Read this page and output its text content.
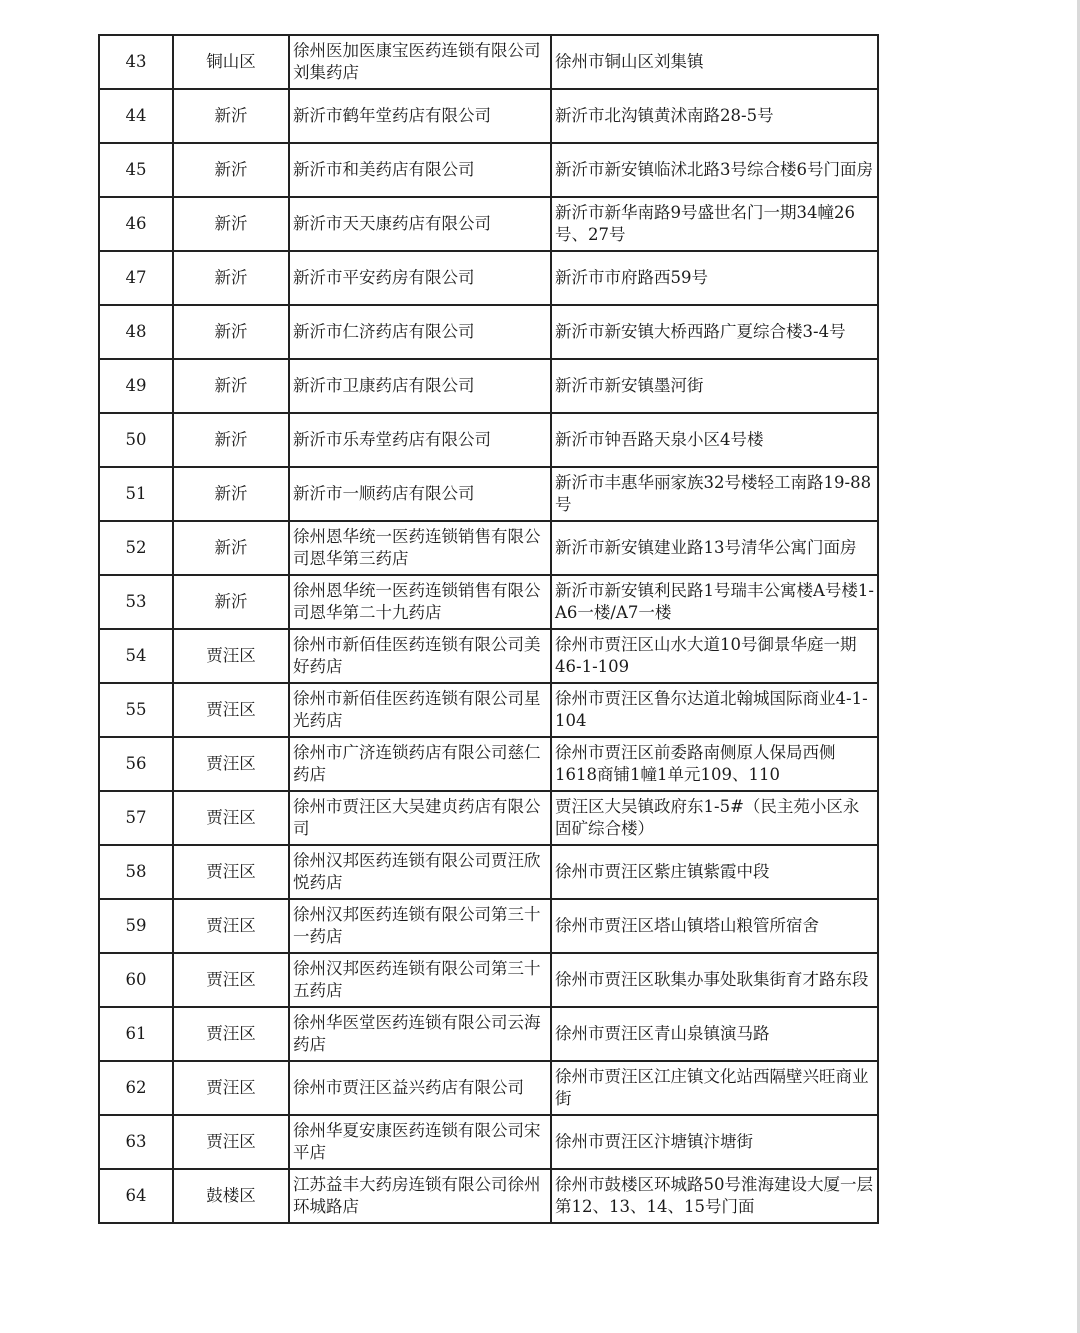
43	铜山区	徐州医加医康宝医药连锁有限公司刘集药店	徐州市铜山区刘集镇
44	新沂	新沂市鹤年堂药店有限公司	新沂市北沟镇黄沭南路28-5号
45	新沂	新沂市和美药店有限公司	新沂市新安镇临沭北路3号综合楼6号门面房
46	新沂	新沂市天天康药店有限公司	新沂市新华南路9号盛世名门一期34幢26号、27号
47	新沂	新沂市平安药房有限公司	新沂市市府路西59号
48	新沂	新沂市仁济药店有限公司	新沂市新安镇大桥西路广夏综合楼3-4号
49	新沂	新沂市卫康药店有限公司	新沂市新安镇墨河街
50	新沂	新沂市乐寿堂药店有限公司	新沂市钟吾路天泉小区4号楼
51	新沂	新沂市一顺药店有限公司	新沂市丰惠华丽家族32号楼轻工南路19-88号
52	新沂	徐州恩华统一医药连锁销售有限公司恩华第三药店	新沂市新安镇建业路13号清华公寓门面房
53	新沂	徐州恩华统一医药连锁销售有限公司恩华第二十九药店	新沂市新安镇利民路1号瑞丰公寓楼A号楼1-A6一楼/A7一楼
54	贾汪区	徐州市新佰佳医药连锁有限公司美好药店	徐州市贾汪区山水大道10号御景华庭一期46-1-109
55	贾汪区	徐州市新佰佳医药连锁有限公司星光药店	徐州市贾汪区鲁尔达道北翰城国际商业4-1-104
56	贾汪区	徐州市广济连锁药店有限公司慈仁药店	徐州市贾汪区前委路南侧原人保局西侧1618商铺1幢1单元109、110
57	贾汪区	徐州市贾汪区大吴建贞药店有限公司	贾汪区大吴镇政府东1-5#（民主苑小区永固矿综合楼）
58	贾汪区	徐州汉邦医药连锁有限公司贾汪欣悦药店	徐州市贾汪区紫庄镇紫霞中段
59	贾汪区	徐州汉邦医药连锁有限公司第三十一药店	徐州市贾汪区塔山镇塔山粮管所宿舍
60	贾汪区	徐州汉邦医药连锁有限公司第三十五药店	徐州市贾汪区耿集办事处耿集街育才路东段
61	贾汪区	徐州华医堂医药连锁有限公司云海药店	徐州市贾汪区青山泉镇演马路
62	贾汪区	徐州市贾汪区益兴药店有限公司	徐州市贾汪区江庄镇文化站西隔壁兴旺商业街
63	贾汪区	徐州华夏安康医药连锁有限公司宋平店	徐州市贾汪区汴塘镇汴塘街
64	鼓楼区	江苏益丰大药房连锁有限公司徐州环城路店	徐州市鼓楼区环城路50号淮海建设大厦一层第12、13、14、15号门面
